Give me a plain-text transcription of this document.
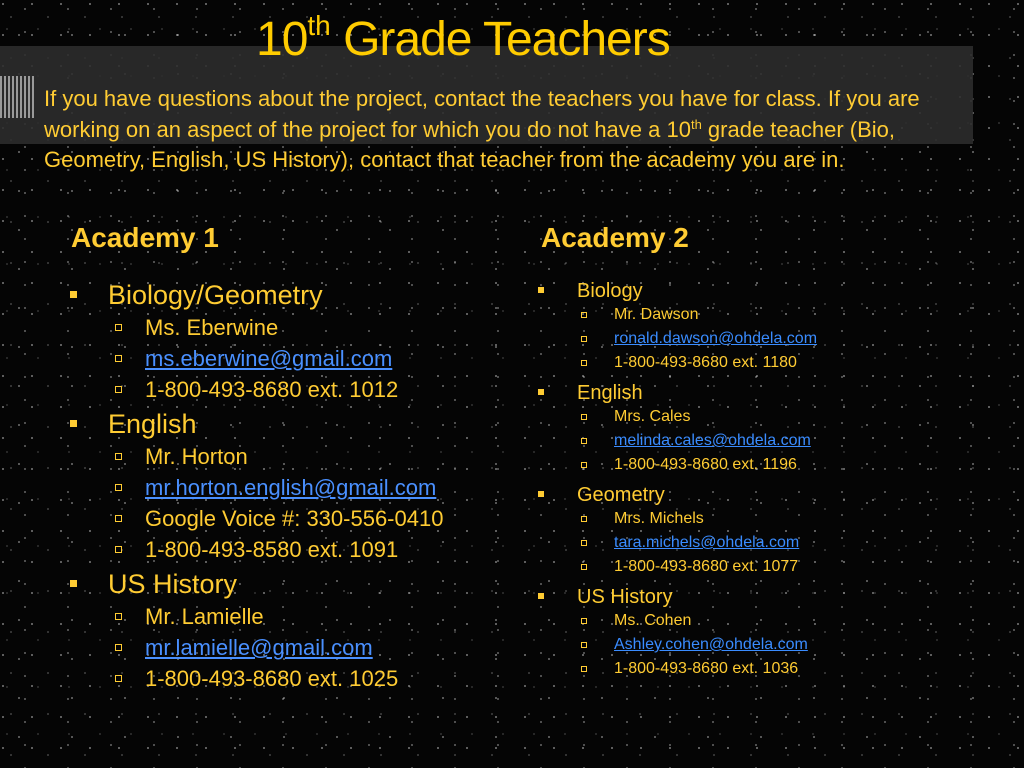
10th Grade Teachers

If you have questions about the project, contact the teachers you have for class. If you are working on an aspect of the project for which you do not have a 10th grade teacher (Bio, Geometry, English, US History), contact that teacher from the academy you are in.

Academy 1	Academy 2
Biology/Geometry
Ms. Eberwine
ms.eberwine@gmail.com
1-800-493-8680 ext. 1012
English
Mr. Horton
mr.horton.english@gmail.com
Google Voice #: 330-556-0410
1-800-493-8580 ext. 1091
US History
Mr. Lamielle
mr.lamielle@gmail.com
1-800-493-8680 ext. 1025
Biology
Mr. Dawson
ronald.dawson@ohdela.com
1-800-493-8680 ext. 1180
English
Mrs. Cales
melinda.cales@ohdela.com
1-800-493-8680 ext. 1196
Geometry
Mrs. Michels
tara.michels@ohdela.com
1-800-493-8680 ext. 1077
US History
Ms. Cohen
Ashley.cohen@ohdela.com
1-800-493-8680 ext. 1036
